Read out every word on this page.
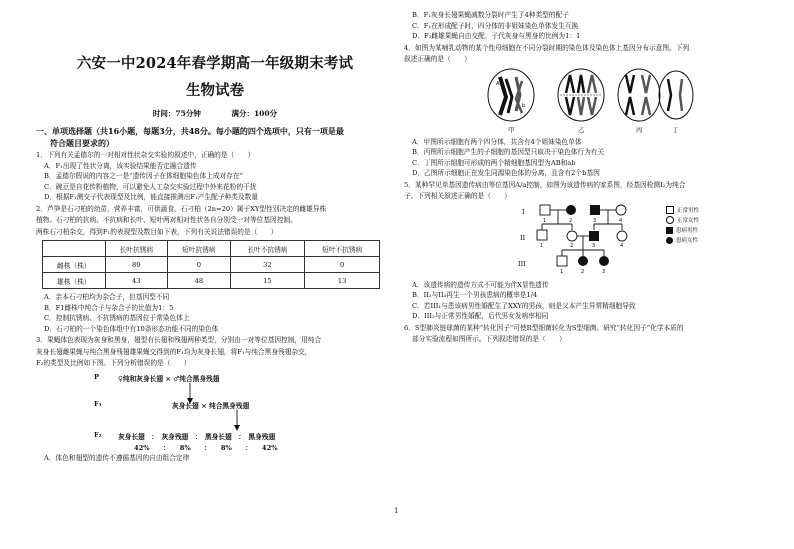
六安一中2024年春学期高一年级期末考试
生物试卷
时间：75分钟	满分：100分
一、单项选择题（共16小题，每题3分，共48分。每小题的四个选项中，只有一项是最
符合题目要求的）
1．下列有关孟德尔的一对相对性状杂交实验的叙述中，正确的是（　　）
A．F₁出现了性状分离，该实验结果能否定融合遗传
B．孟德尔假说的内容之一是“遗传因子在体细胞染色体上成对存在”
C．碗豆是自花传粉植物，可以避免人工杂交实验过程中外来花粉的干扰
D．根据F₁测交子代表现型及比例，能直接推测出F₁产生配子种类及数量
2．芦笋是石刁柏的幼苗，营养丰富，可供蔬食。石刁柏（2n=20）属于XY型性别决定的雌雄异株
植物。石刁柏的抗病、不抗病和长叶、短叶两对相对性状各自分别受一对等位基因控制。
两株石刁柏杂交，得到F₁的表现型及数目如下表，下列有关说法错误的是（　　）
	长叶抗锈病	短叶抗锈病	长叶不抗锈病	短叶不抗锈病
雌株（株）	89	0	32	0
雄株（株）	43	48	15	13
A．亲本石刁柏均为杂合子，但基因型不同
B．F1雌株中纯合子与杂合子的比值为1：5
C．控制抗锈病、不抗锈病的基因位于常染色体上
D．石刁柏的一个染色体组中有10条形态功能不同的染色体
3．果蝇体色表现为灰身和黑身，翅型有长翅和残翅两种类型，分别由一对等位基因控制，用纯合
灰身长翅雌果蝇与纯合黑身残翅雄果蝇交得到的F₁均为灰身长翅，将F₁与纯合黑身残翅杂交，
F₂的类型及比例如下图。下列分析错误的是（　　）
P	♀纯和灰身长翅 × ♂纯合黑身残翅
F₁	灰身长翅 × 纯合黑身残翅
F₂ 灰身长翅　：　灰身残翅　：　黑身长翅　：　黑身残翅
42%　　：　　8%　　：　　8%　　：　　42%
A．体色和翅型的遗传不遵循基因的自由组合定律
B．F₁灰身长翅果蝇减数分裂时产生了4种类型的配子
C．F₁在形成配子时，四分体的非姐妹染色单体发生互换
D．F₂雌雄果蝇自由交配，子代灰身与黑身的比例为1：1
4．如图为某哺乳动物的某个性母细胞在不同分裂时期的染色体及染色体上基因分布示意图。下列
叙述正确的是（　　）
A
b
甲	乙	丙	丁
A．甲图所示细胞有两个四分体，共含有4个姐妹染色单体
B．丙图所示细胞产生的子细胞的基因型只取决于染色体行为有关
C．丁图所示细胞可形成的两个精细胞基因型为AB和ab
D．乙图所示细胞正在发生同源染色体的分离，且含有2个b基因
5．某种罕见单基因遗传病由等位基因A/a控制，如图为该遗传病的家系图，经基因检测I₂为纯合
子。下列相关叙述正确的是（　　）
I
II
III
1	2	3	4
1	2	3	4
1	2	3
正常男性
正常女性
患病男性
患病女性
A．该遗传病的遗传方式不可能为伴X显性遗传
B．II₂与II₃再生一个男孩患病的概率是1/4
C．若III₁与患该病男性婚配生了XXY的男孩，则是父本产生异常精细胞导致
D．III₂与正常男性婚配，后代男女发病率相同
6．S型肺炎链球菌的某种“转化因子”可使R型细菌转化为S型细菌。研究“转化因子”化学本质的
部分实验流程如图所示。下列叙述错误的是（　　）
1
